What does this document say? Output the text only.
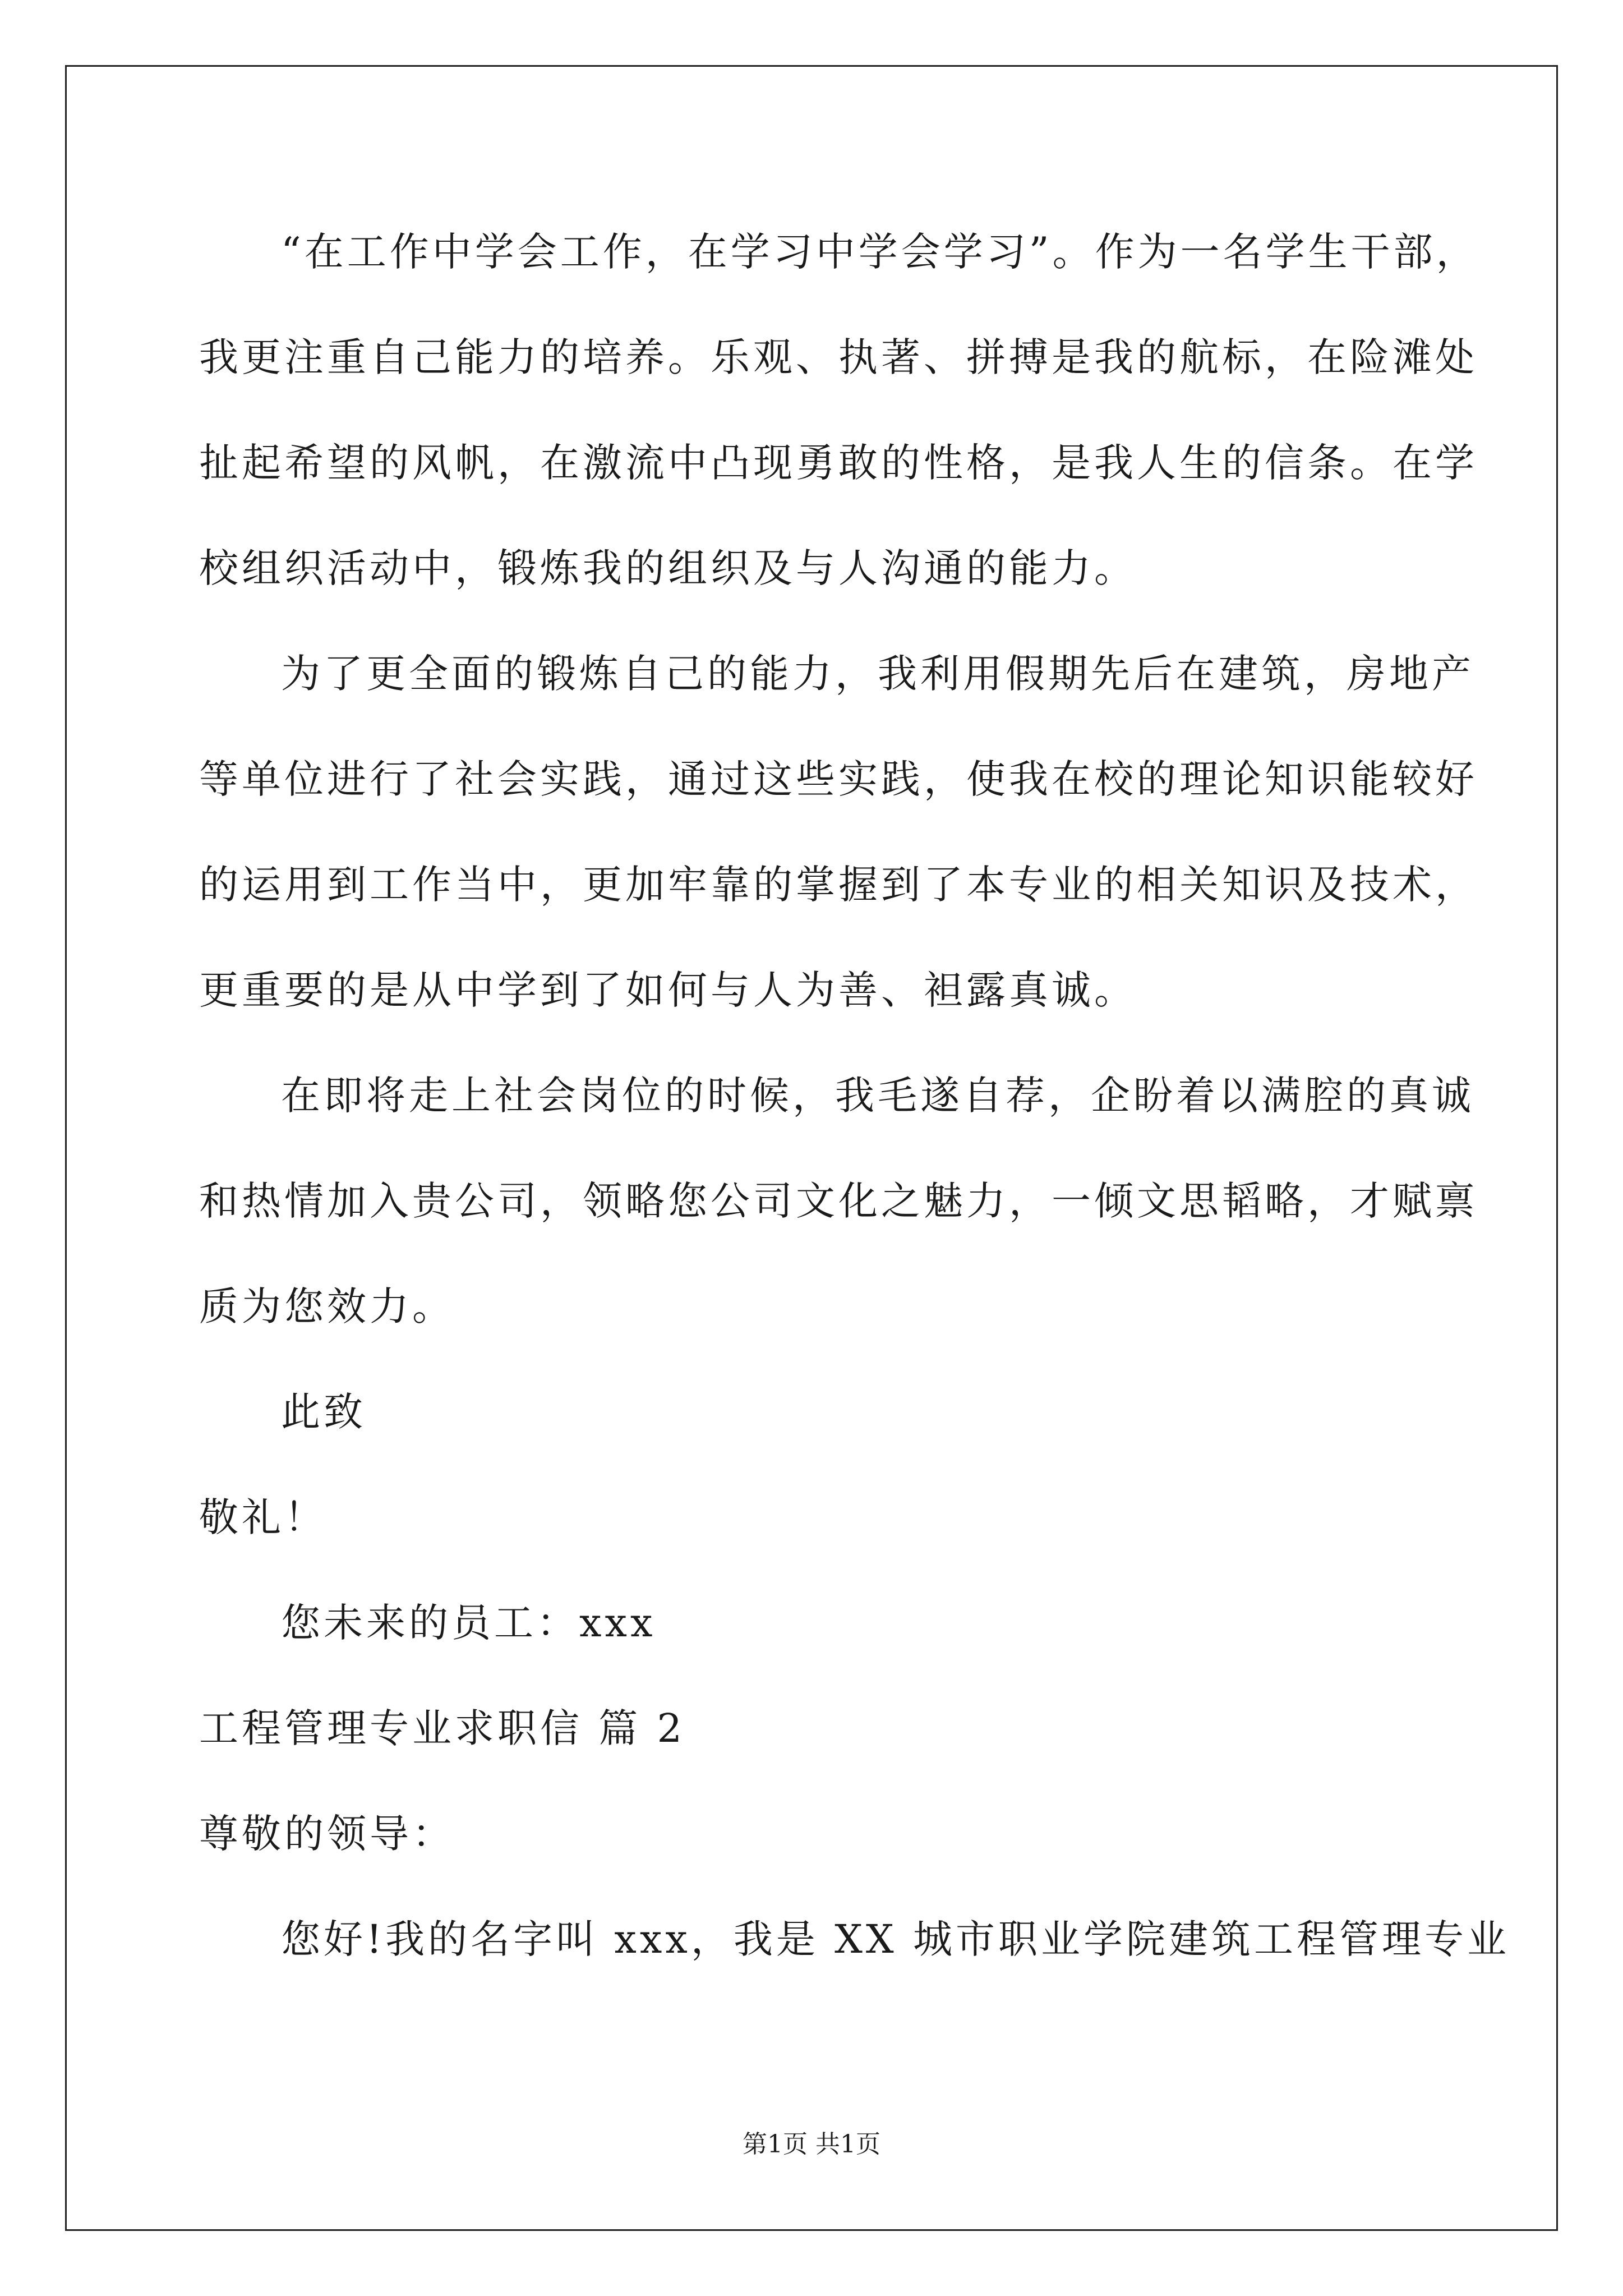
“在工作中学会工作，在学习中学会学习”。作为一名学生干部，
我更注重自己能力的培养。乐观、执著、拼搏是我的航标，在险滩处
扯起希望的风帆，在激流中凸现勇敢的性格，是我人生的信条。在学
校组织活动中，锻炼我的组织及与人沟通的能力。
为了更全面的锻炼自己的能力，我利用假期先后在建筑，房地产
等单位进行了社会实践，通过这些实践，使我在校的理论知识能较好
的运用到工作当中，更加牢靠的掌握到了本专业的相关知识及技术，
更重要的是从中学到了如何与人为善、袒露真诚。
在即将走上社会岗位的时候，我毛遂自荐，企盼着以满腔的真诚
和热情加入贵公司，领略您公司文化之魅力，一倾文思韬略，才赋禀
质为您效力。
此致
敬礼！
您未来的员工：xxx
工程管理专业求职信 篇 2
尊敬的领导：
您好!我的名字叫 xxx，我是 XX 城市职业学院建筑工程管理专业
第1页 共1页
